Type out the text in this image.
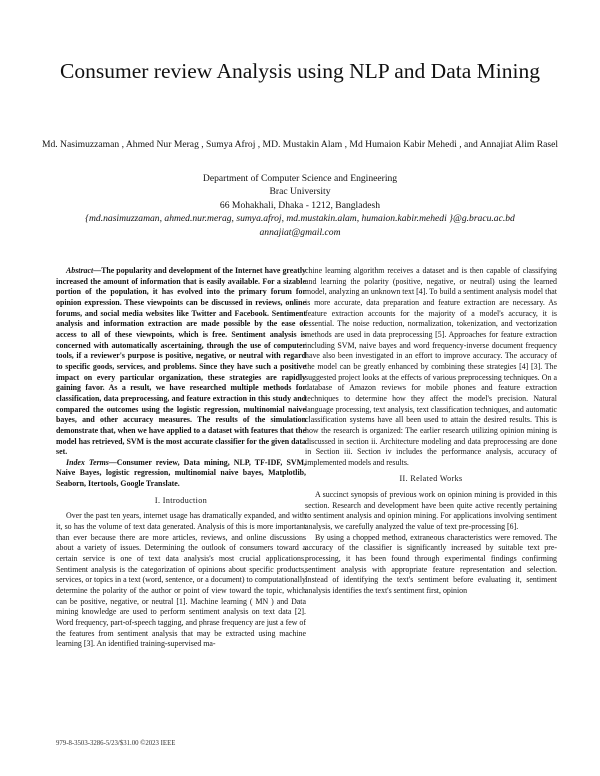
Consumer review Analysis using NLP and Data Mining
Md. Nasimuzzaman , Ahmed Nur Merag , Sumya Afroj , MD. Mustakin Alam , Md Humaion Kabir Mehedi , and Annajiat Alim Rasel
Department of Computer Science and Engineering
Brac University
66 Mohakhali, Dhaka - 1212, Bangladesh
{md.nasimuzzaman, ahmed.nur.merag, sumya.afroj, md.mustakin.alam, humaion.kabir.mehedi }@g.bracu.ac.bd
annajiat@gmail.com

Abstract—The popularity and development of the Internet have greatly increased the amount of information that is easily available. For a sizable portion of the population, it has evolved into the primary forum for opinion expression. These viewpoints can be discussed in reviews, online forums, and social media websites like Twitter and Facebook. Sentiment analysis and information extraction are made possible by the ease of access to all of these viewpoints, which is free. Sentiment analysis is concerned with automatically ascertaining, through the use of computer tools, if a reviewer's purpose is positive, negative, or neutral with regard to specific goods, services, and problems. Since they have such a positive impact on every particular organization, these strategies are rapidly gaining favor. As a result, we have researched multiple methods for classification, data preprocessing, and feature extraction in this study and compared the outcomes using the logistic regression, multinomial naive bayes, and other accuracy measures. The results of the simulation demonstrate that, when we have applied to a dataset with features that the model has retrieved, SVM is the most accurate classifier for the given data set.

Index Terms—Consumer review, Data mining, NLP, TF-IDF, SVM, Naive Bayes, logistic regression, multinomial naive bayes, Matplotlib, Seaborn, Itertools, Google Translate.

I. Introduction

Over the past ten years, internet usage has dramatically expanded, and with it, so has the volume of text data generated. Analysis of this is more important than ever because there are more articles, reviews, and online discussions about a variety of issues. Determining the outlook of consumers toward a certain service is one of text data analysis's most crucial applications. Sentiment analysis is the categorization of opinions about specific products, services, or topics in a text (word, sentence, or a document) to computationally determine the polarity of the author or point of view toward the topic, which can be positive, negative, or neutral [1]. Machine learning ( MN ) and Data mining knowledge are used to perform sentiment analysis on text data [2]. Word frequency, part-of-speech tagging, and phrase frequency are just a few of the features from sentiment analysis that may be extracted using machine learning [3]. An identified training-supervised ma-

chine learning algorithm receives a dataset and is then capable of classifying and learning the polarity (positive, negative, or neutral) using the learned model, analyzing an unknown text [4]. To build a sentiment analysis model that is more accurate, data preparation and feature extraction are necessary. As feature extraction accounts for the majority of a model's accuracy, it is essential. The noise reduction, normalization, tokenization, and vectorization methods are used in data preprocessing [5]. Approaches for feature extraction including SVM, naive bayes and word frequency-inverse document frequency have also been investigated in an effort to improve accuracy. The accuracy of the model can be greatly enhanced by combining these strategies [4] [3]. The suggested project looks at the effects of various preprocessing techniques. On a database of Amazon reviews for mobile phones and feature extraction techniques to determine how they affect the model's precision. Natural language processing, text analysis, text classification techniques, and automatic classification systems have all been used to attain the desired results. This is how the research is organized: The earlier research utilizing opinion mining is discussed in section ii. Architecture modeling and data preprocessing are done in Section iii. Section iv includes the performance analysis, accuracy of implemented models and results.

II. Related Works

A succinct synopsis of previous work on opinion mining is provided in this section. Research and development have been quite active recently pertaining to sentiment analysis and opinion mining. For applications involving sentiment analysis, we carefully analyzed the value of text pre-processing [6].

By using a chopped method, extraneous characteristics were removed. The accuracy of the classifier is significantly increased by suitable text pre-processing, it has been found through experimental findings confirming sentiment analysis with appropriate feature representation and selection. Instead of identifying the text's sentiment before evaluating it, sentiment analysis identifies the text's sentiment first, opinion

979-8-3503-3286-5/23/$31.00 ©2023 IEEE
